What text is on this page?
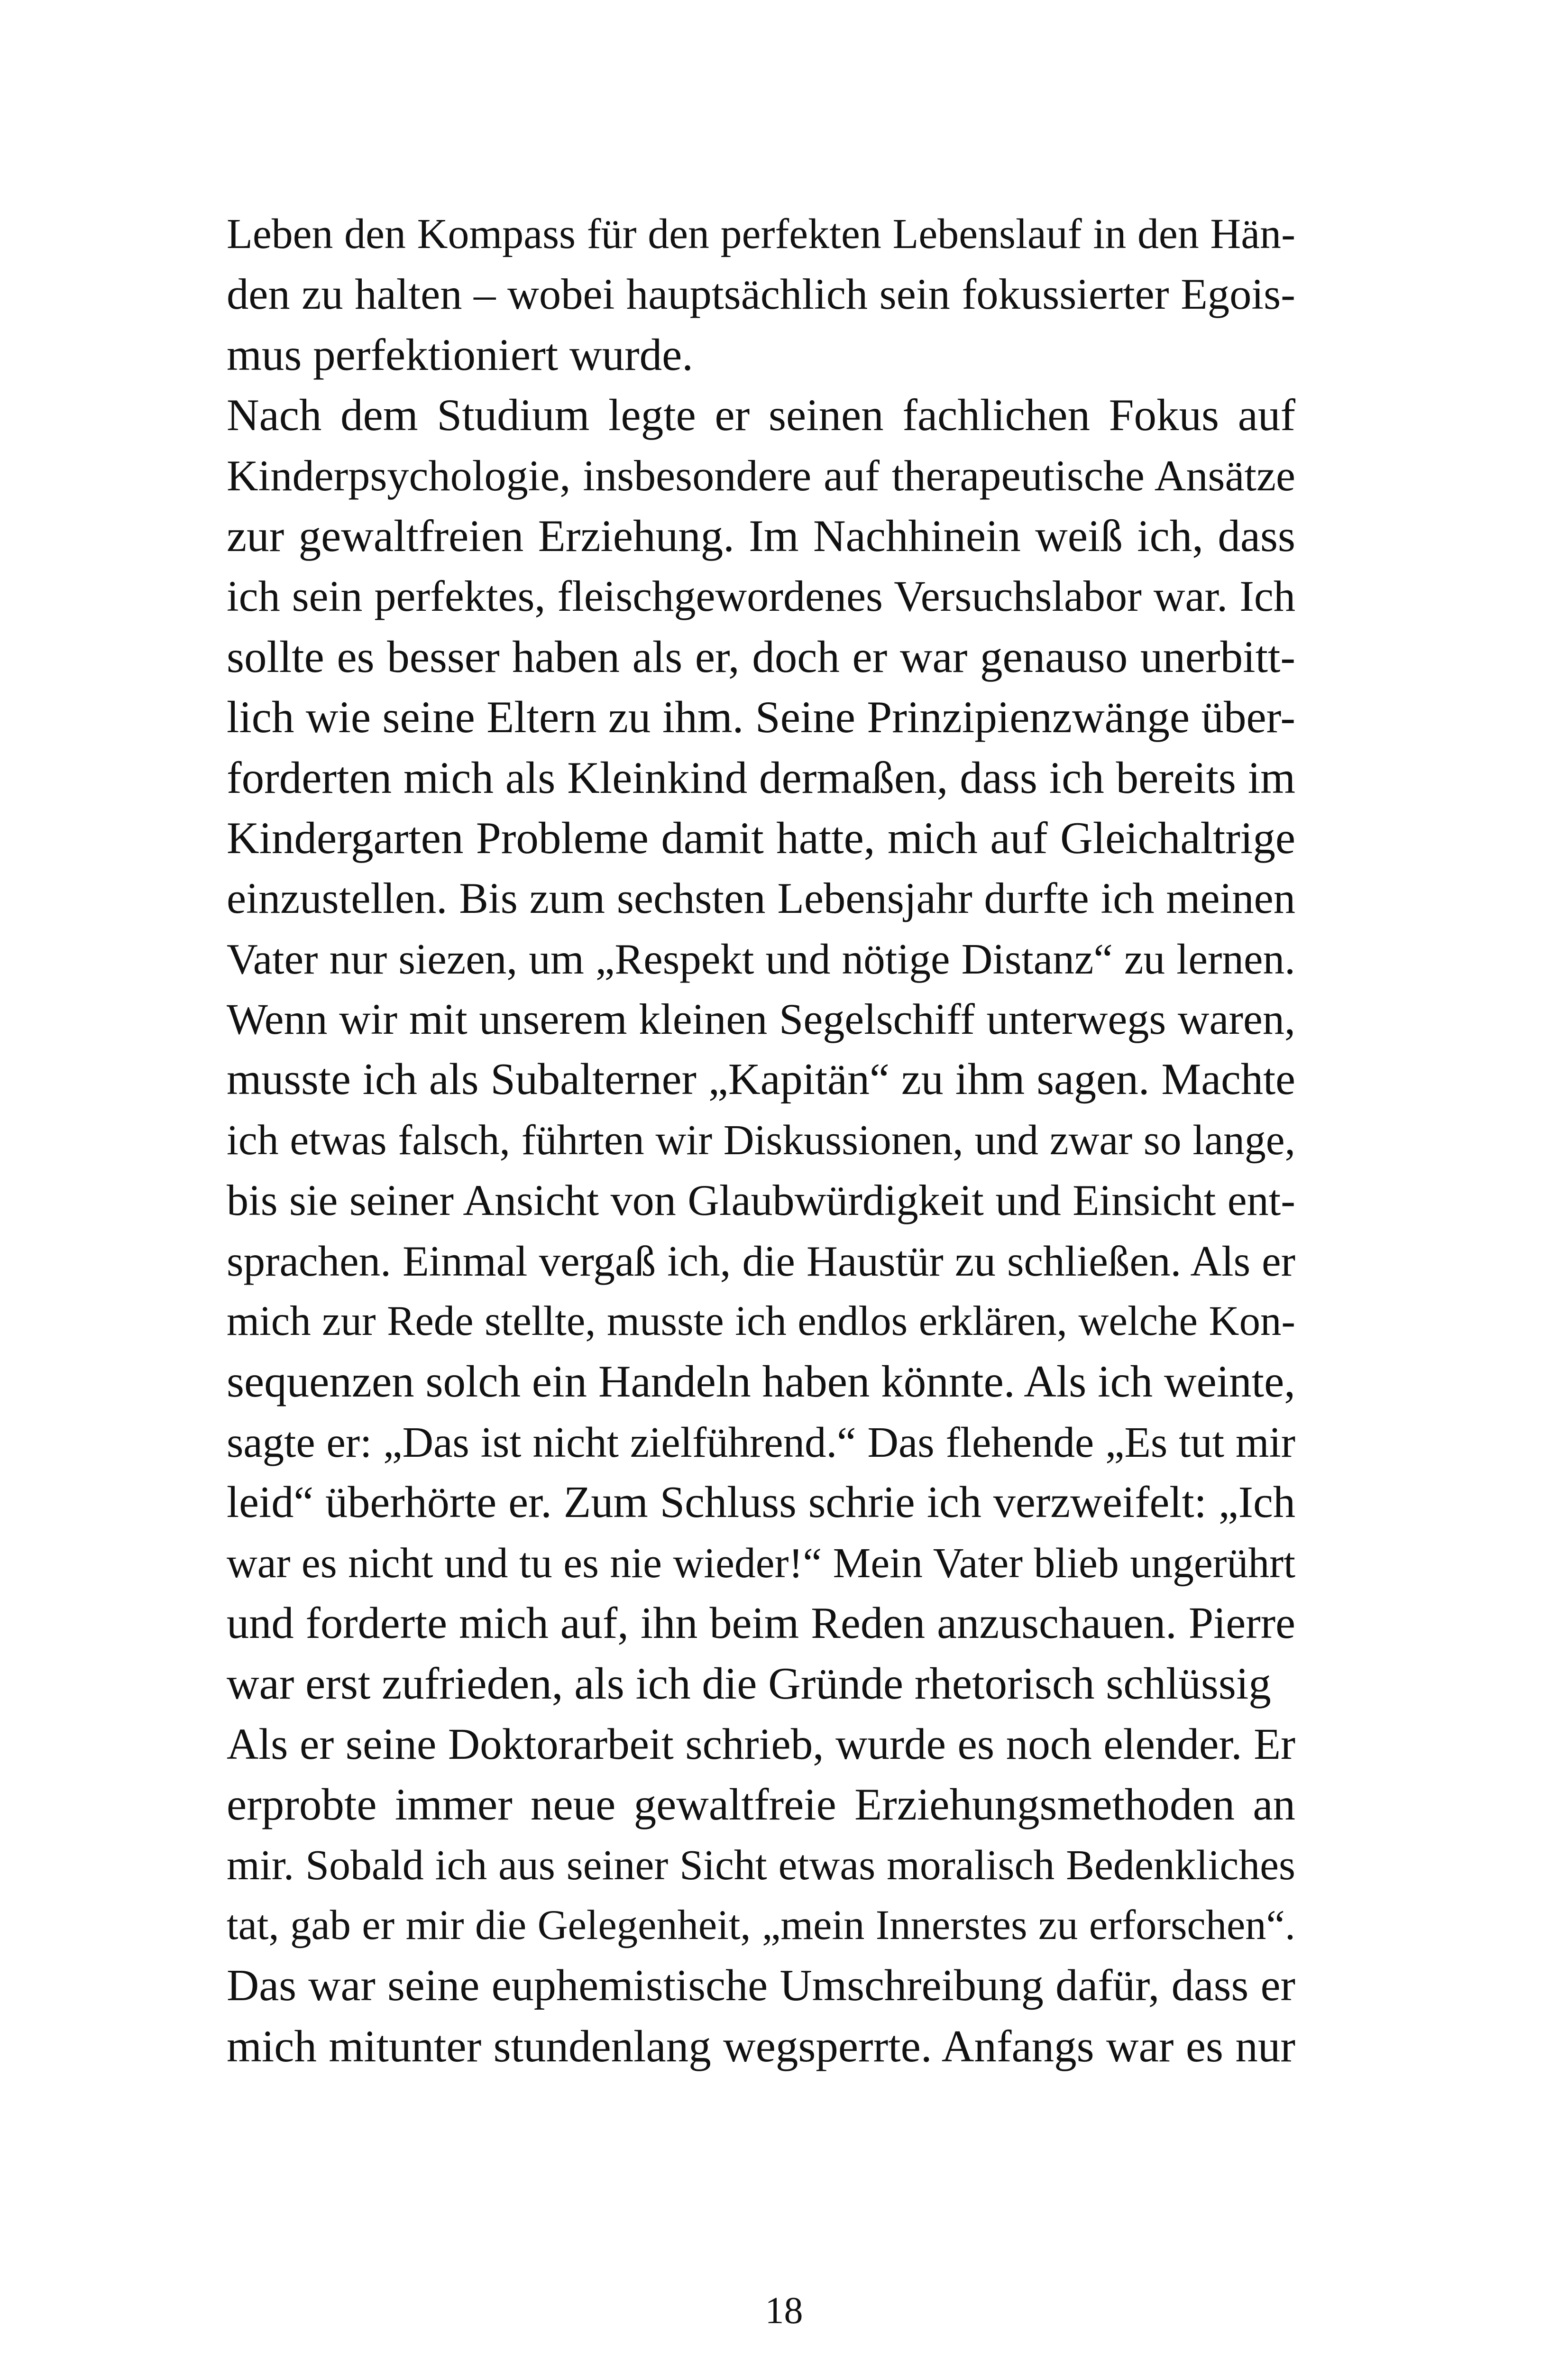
Leben den Kompass für den perfekten Lebenslauf in den Hän-
den zu halten – wobei hauptsächlich sein fokussierter Egois-
mus perfektioniert wurde.
Nach dem Studium legte er seinen fachlichen Fokus auf
Kinderpsychologie, insbesondere auf therapeutische Ansätze
zur gewaltfreien Erziehung. Im Nachhinein weiß ich, dass
ich sein perfektes, fleischgewordenes Versuchslabor war. Ich
sollte es besser haben als er, doch er war genauso unerbitt-
lich wie seine Eltern zu ihm. Seine Prinzipienzwänge über-
forderten mich als Kleinkind dermaßen, dass ich bereits im
Kindergarten Probleme damit hatte, mich auf Gleichaltrige
einzustellen. Bis zum sechsten Lebensjahr durfte ich meinen
Vater nur siezen, um „Respekt und nötige Distanz“ zu lernen.
Wenn wir mit unserem kleinen Segelschiff unterwegs waren,
musste ich als Subalterner „Kapitän“ zu ihm sagen. Machte
ich etwas falsch, führten wir Diskussionen, und zwar so lange,
bis sie seiner Ansicht von Glaubwürdigkeit und Einsicht ent-
sprachen. Einmal vergaß ich, die Haustür zu schließen. Als er
mich zur Rede stellte, musste ich endlos erklären, welche Kon-
sequenzen solch ein Handeln haben könnte. Als ich weinte,
sagte er: „Das ist nicht zielführend.“ Das flehende „Es tut mir
leid“ überhörte er. Zum Schluss schrie ich verzweifelt: „Ich
war es nicht und tu es nie wieder!“ Mein Vater blieb ungerührt
und forderte mich auf, ihn beim Reden anzuschauen. Pierre
war erst zufrieden, als ich die Gründe rhetorisch schlüssig
Als er seine Doktorarbeit schrieb, wurde es noch elender. Er
erprobte immer neue gewaltfreie Erziehungsmethoden an
mir. Sobald ich aus seiner Sicht etwas moralisch Bedenkliches
tat, gab er mir die Gelegenheit, „mein Innerstes zu erforschen“.
Das war seine euphemistische Umschreibung dafür, dass er
mich mitunter stundenlang wegsperrte. Anfangs war es nur
18
